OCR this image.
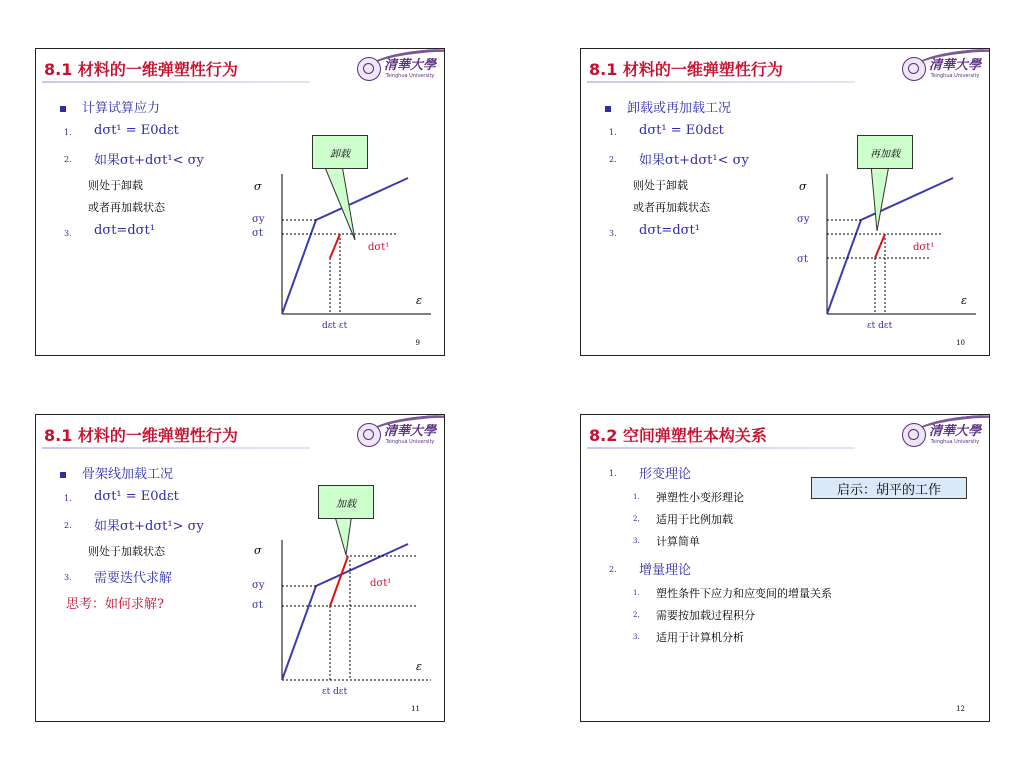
8.1 材料的一维弹塑性行为	清華大學
Tsinghua University
计算试算应力
1. dσt¹ = E0dεt
2. 如果σt+dσt¹< σy
则处于卸载
或者再加载状态
3. dσt=dσt¹
σ
σy
σt
dσt¹
ε
dεt εt
卸载
9
8.1 材料的一维弹塑性行为	清華大學
Tsinghua University
卸载或再加载工况
1. dσt¹ = E0dεt
2. 如果σt+dσt¹< σy
则处于卸载
或者再加载状态
3. dσt=dσt¹
σ
σy
σt
dσt¹
ε
εt dεt
再加载
10
8.1 材料的一维弹塑性行为	清華大學
Tsinghua University
骨架线加载工况
1. dσt¹ = E0dεt
2. 如果σt+dσt¹> σy
则处于加载状态
3. 需要迭代求解
思考：如何求解?
σ
σy
σt
dσt¹
ε
εt dεt
加载
11
8.2 空间弹塑性本构关系	清華大學
Tsinghua University
启示：胡平的工作
1. 形变理论
1. 弹塑性小变形理论
2. 适用于比例加载
3. 计算简单
2. 增量理论
1. 塑性条件下应力和应变间的增量关系
2. 需要按加载过程积分
3. 适用于计算机分析
12
